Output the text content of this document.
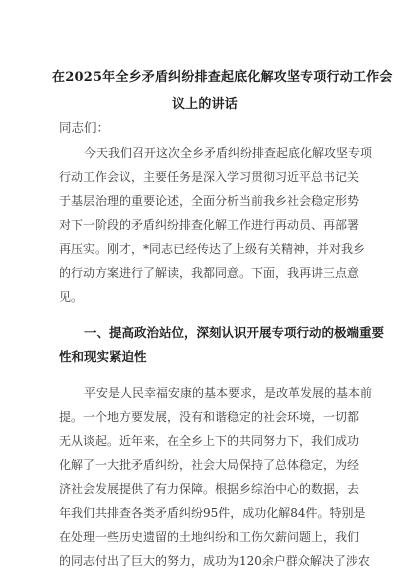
在2025年全乡矛盾纠纷排查起底化解攻坚专项行动工作会
议上的讲话
同志们：
今天我们召开这次全乡矛盾纠纷排查起底化解攻坚专项
行动工作会议，主要任务是深入学习贯彻习近平总书记关
于基层治理的重要论述，全面分析当前我乡社会稳定形势
对下一阶段的矛盾纠纷排查化解工作进行再动员、再部署
再压实。刚才，*同志已经传达了上级有关精神，并对我乡
的行动方案进行了解读，我都同意。下面，我再讲三点意
见。
一、提高政治站位，深刻认识开展专项行动的极端重要
性和现实紧迫性
平安是人民幸福安康的基本要求，是改革发展的基本前
提。一个地方要发展，没有和谐稳定的社会环境，一切都
无从谈起。近年来，在全乡上下的共同努力下，我们成功
化解了一大批矛盾纠纷，社会大局保持了总体稳定，为经
济社会发展提供了有力保障。根据乡综治中心的数据，去
年我们共排查各类矛盾纠纷95件，成功化解84件。特别是
在处理一些历史遗留的土地纠纷和工伤欠薪问题上，我们
的同志付出了巨大的努力，成功为120余户群众解决了涉农
